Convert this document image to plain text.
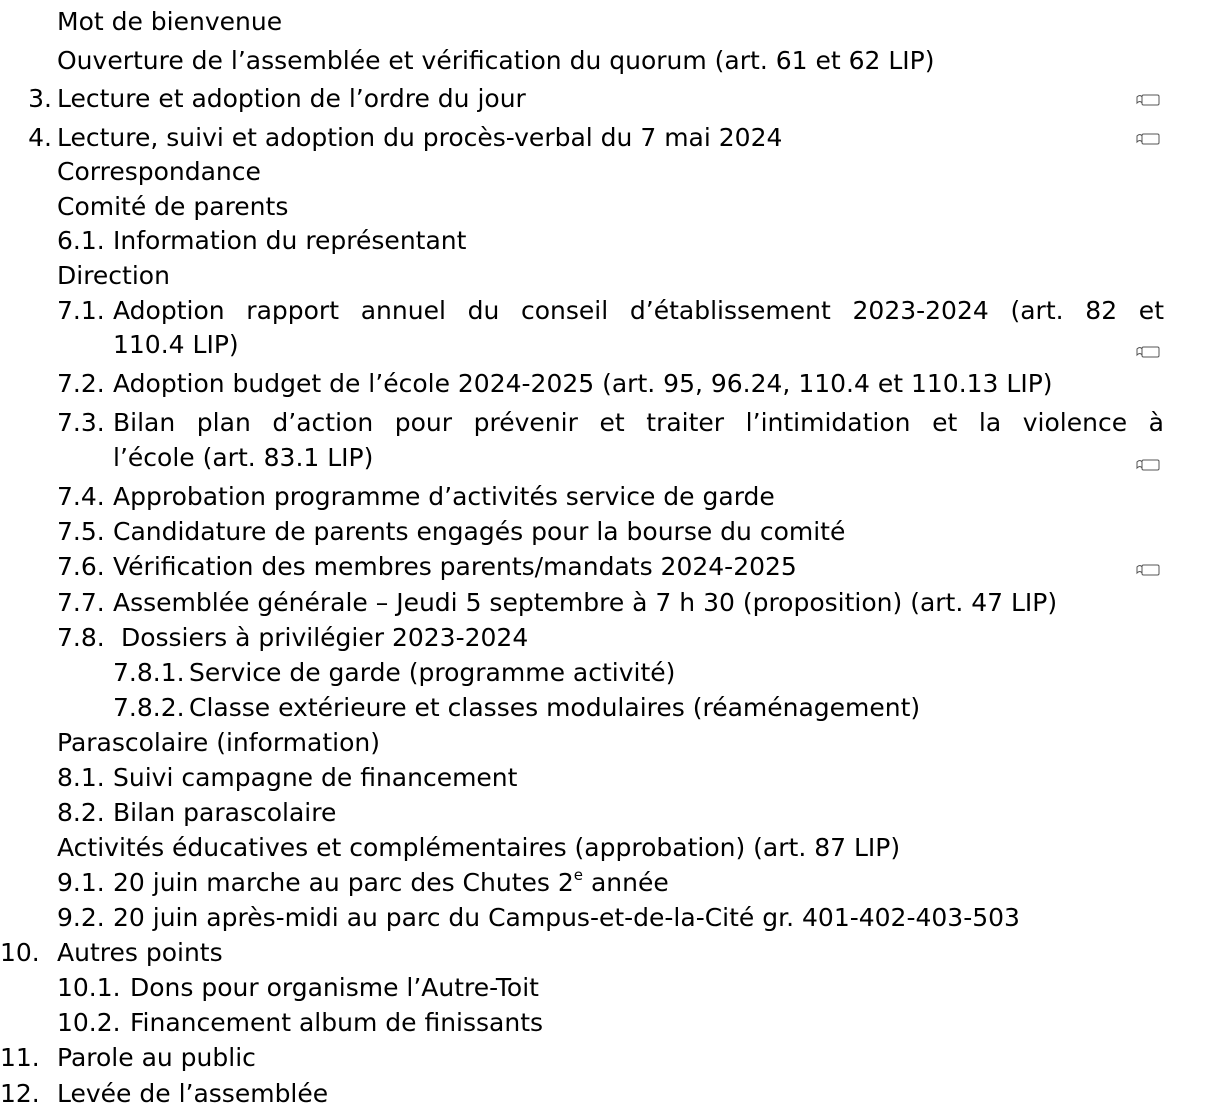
Mot de bienvenue
Ouverture de l’assemblée et vérification du quorum (art. 61 et 62 LIP)
3. Lecture et adoption de l’ordre du jour
4. Lecture, suivi et adoption du procès-verbal du 7 mai 2024
Correspondance
Comité de parents
6.1. Information du représentant
Direction
7.1. Adoption rapport annuel du conseil d’établissement 2023-2024 (art. 82 et
110.4 LIP)
7.2. Adoption budget de l’école 2024-2025 (art. 95, 96.24, 110.4 et 110.13 LIP)
7.3. Bilan plan d’action pour prévenir et traiter l’intimidation et la violence à
l’école (art. 83.1 LIP)
7.4. Approbation programme d’activités service de garde
7.5. Candidature de parents engagés pour la bourse du comité
7.6. Vérification des membres parents/mandats 2024-2025
7.7. Assemblée générale – Jeudi 5 septembre à 7 h 30 (proposition) (art. 47 LIP)
7.8. Dossiers à privilégier 2023-2024
7.8.1. Service de garde (programme activité)
7.8.2. Classe extérieure et classes modulaires (réaménagement)
Parascolaire (information)
8.1. Suivi campagne de financement
8.2. Bilan parascolaire
Activités éducatives et complémentaires (approbation) (art. 87 LIP)
9.1. 20 juin marche au parc des Chutes 2e année
9.2. 20 juin après-midi au parc du Campus-et-de-la-Cité gr. 401-402-403-503
10. Autres points
10.1. Dons pour organisme l’Autre-Toit
10.2. Financement album de finissants
11. Parole au public
12. Levée de l’assemblée
